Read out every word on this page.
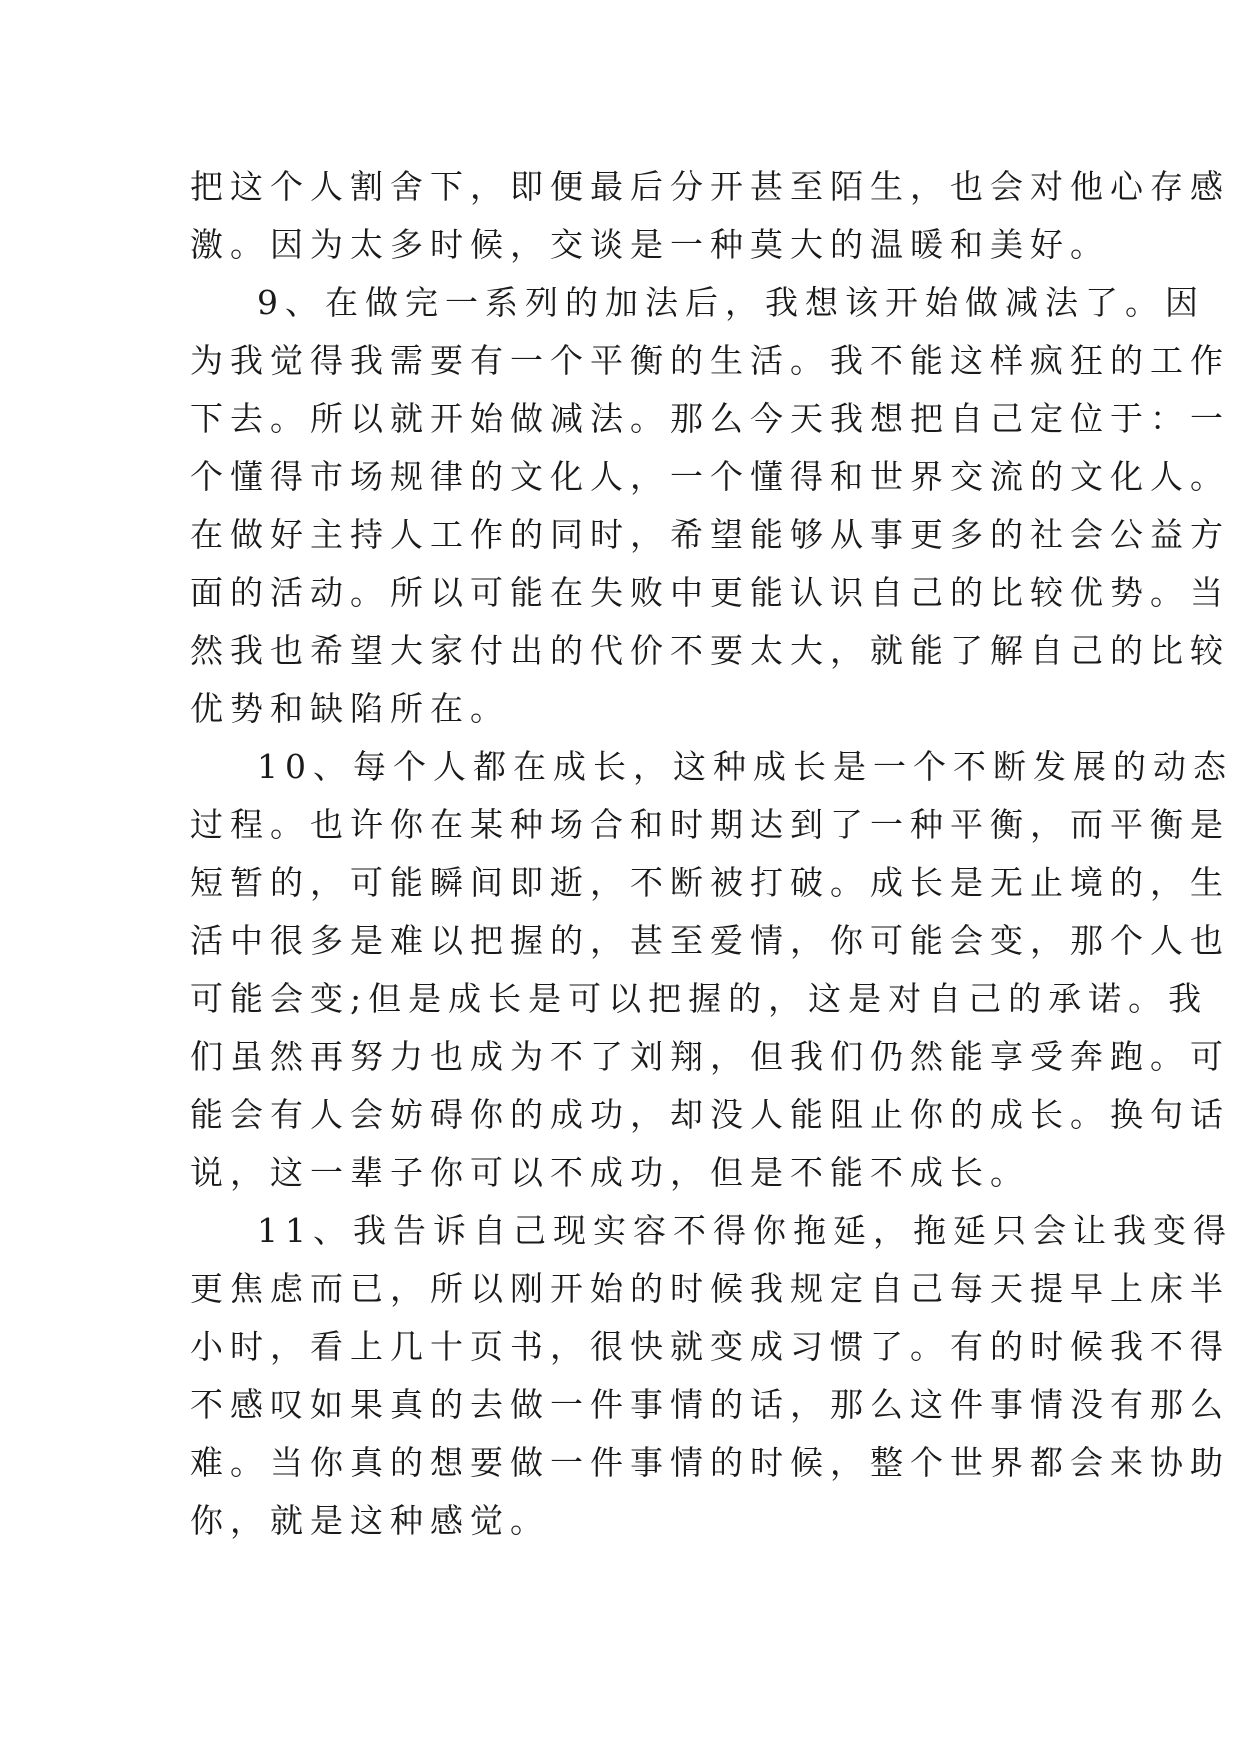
把这个人割舍下，即便最后分开甚至陌生，也会对他心存感

激。因为太多时候，交谈是一种莫大的温暖和美好。

9、在做完一系列的加法后，我想该开始做减法了。因

为我觉得我需要有一个平衡的生活。我不能这样疯狂的工作

下去。所以就开始做减法。那么今天我想把自己定位于：一

个懂得市场规律的文化人，一个懂得和世界交流的文化人。

在做好主持人工作的同时，希望能够从事更多的社会公益方

面的活动。所以可能在失败中更能认识自己的比较优势。当

然我也希望大家付出的代价不要太大，就能了解自己的比较

优势和缺陷所在。

10、每个人都在成长，这种成长是一个不断发展的动态

过程。也许你在某种场合和时期达到了一种平衡，而平衡是

短暂的，可能瞬间即逝，不断被打破。成长是无止境的，生

活中很多是难以把握的，甚至爱情，你可能会变，那个人也

可能会变;但是成长是可以把握的，这是对自己的承诺。我

们虽然再努力也成为不了刘翔，但我们仍然能享受奔跑。可

能会有人会妨碍你的成功，却没人能阻止你的成长。换句话

说，这一辈子你可以不成功，但是不能不成长。

11、我告诉自己现实容不得你拖延，拖延只会让我变得

更焦虑而已，所以刚开始的时候我规定自己每天提早上床半

小时，看上几十页书，很快就变成习惯了。有的时候我不得

不感叹如果真的去做一件事情的话，那么这件事情没有那么

难。当你真的想要做一件事情的时候，整个世界都会来协助

你，就是这种感觉。
